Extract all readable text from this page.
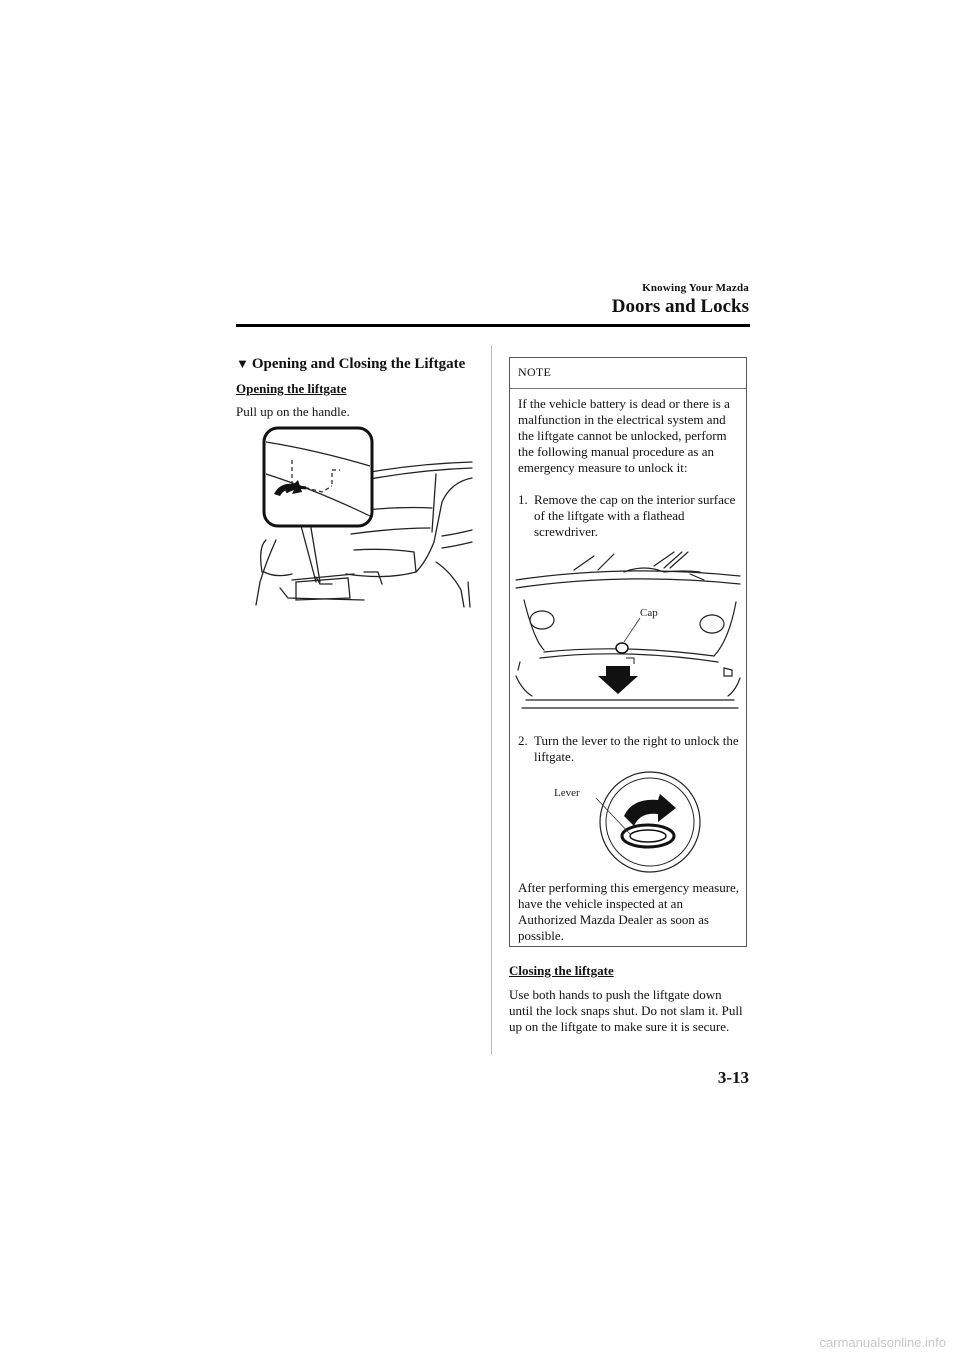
Knowing Your Mazda
Doors and Locks
▼ Opening and Closing the Liftgate
Opening the liftgate
Pull up on the handle.
NOTE
If the vehicle battery is dead or there is a malfunction in the electrical system and the liftgate cannot be unlocked, perform the following manual procedure as an emergency measure to unlock it:
1. Remove the cap on the interior surface of the liftgate with a flathead screwdriver.
Cap
2. Turn the lever to the right to unlock the liftgate.
Lever
After performing this emergency measure, have the vehicle inspected at an Authorized Mazda Dealer as soon as possible.
Closing the liftgate
Use both hands to push the liftgate down until the lock snaps shut. Do not slam it. Pull up on the liftgate to make sure it is secure.
3-13
carmanualsonline.info
